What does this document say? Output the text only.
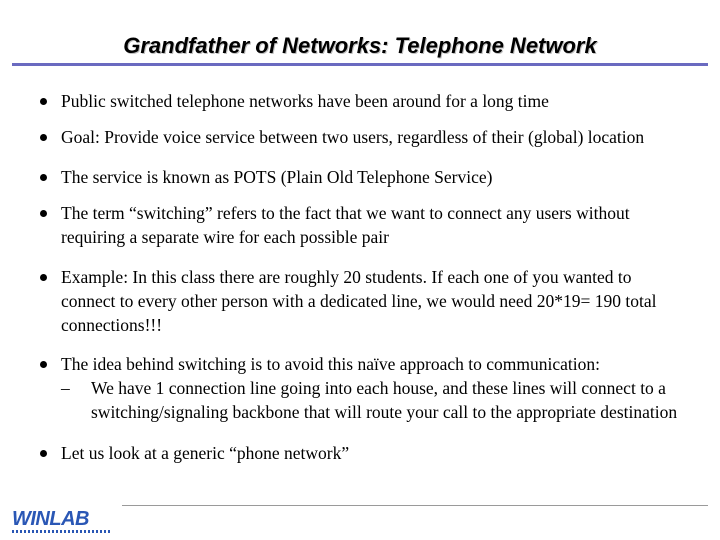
Grandfather of Networks: Telephone Network
Public switched telephone networks have been around for a long time
Goal: Provide voice service between two users, regardless of their (global) location
The service is known as POTS (Plain Old Telephone Service)
The term “switching” refers to the fact that we want to connect any users without requiring a separate wire for each possible pair
Example: In this class there are roughly 20 students. If each one of you wanted to connect to every other person with a dedicated line, we would need 20*19= 190 total connections!!!
The idea behind switching is to avoid this naïve approach to communication:
– We have 1 connection line going into each house, and these lines will connect to a switching/signaling backbone that will route your call to the appropriate destination
Let us look at a generic “phone network”
WINLAB
